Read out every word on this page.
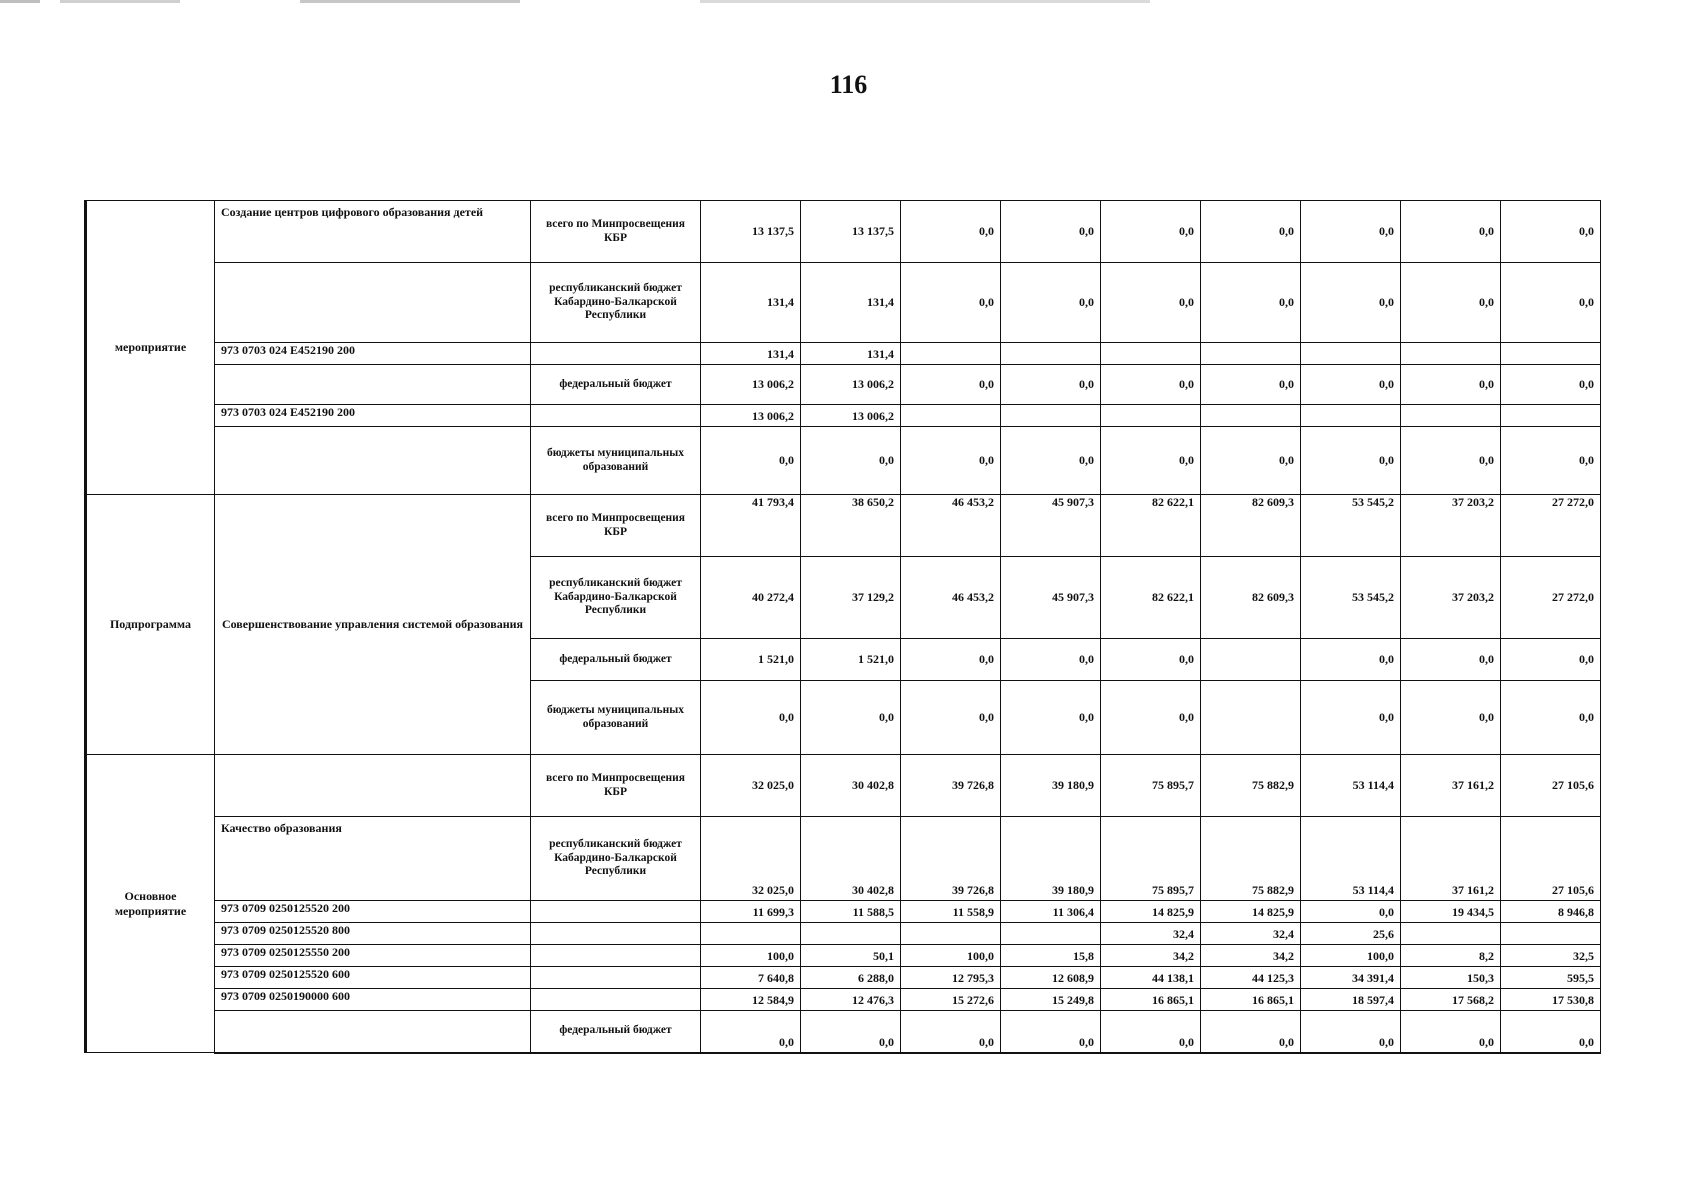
116
мероприятие	Создание центров цифрового образования детей	всего по Минпросвещения КБР	13 137,5	13 137,5	0,0	0,0	0,0	0,0	0,0	0,0	0,0
		республиканский бюджет Кабардино-Балкарской Республики	131,4	131,4	0,0	0,0	0,0	0,0	0,0	0,0	0,0
	973 0703 024 Е452190 200		131,4	131,4							
		федеральный бюджет	13 006,2	13 006,2	0,0	0,0	0,0	0,0	0,0	0,0	0,0
	973 0703 024 Е452190 200		13 006,2	13 006,2							
		бюджеты муниципальных образований	0,0	0,0	0,0	0,0	0,0	0,0	0,0	0,0	0,0
Подпрограмма	Совершенствование управления системой образования	всего по Минпросвещения КБР	41 793,4	38 650,2	46 453,2	45 907,3	82 622,1	82 609,3	53 545,2	37 203,2	27 272,0
		республиканский бюджет Кабардино-Балкарской Республики	40 272,4	37 129,2	46 453,2	45 907,3	82 622,1	82 609,3	53 545,2	37 203,2	27 272,0
		федеральный бюджет	1 521,0	1 521,0	0,0	0,0	0,0		0,0	0,0	0,0
		бюджеты муниципальных образований	0,0	0,0	0,0	0,0	0,0		0,0	0,0	0,0
Основное мероприятие		всего по Минпросвещения КБР	32 025,0	30 402,8	39 726,8	39 180,9	75 895,7	75 882,9	53 114,4	37 161,2	27 105,6
	Качество образования	республиканский бюджет Кабардино-Балкарской Республики	32 025,0	30 402,8	39 726,8	39 180,9	75 895,7	75 882,9	53 114,4	37 161,2	27 105,6
	973 0709 0250125520 200		11 699,3	11 588,5	11 558,9	11 306,4	14 825,9	14 825,9	0,0	19 434,5	8 946,8
	973 0709 0250125520 800						32,4	32,4	25,6		
	973 0709 0250125550 200		100,0	50,1	100,0	15,8	34,2	34,2	100,0	8,2	32,5
	973 0709 0250125520 600		7 640,8	6 288,0	12 795,3	12 608,9	44 138,1	44 125,3	34 391,4	150,3	595,5
	973 0709 0250190000 600		12 584,9	12 476,3	15 272,6	15 249,8	16 865,1	16 865,1	18 597,4	17 568,2	17 530,8
		федеральный бюджет	0,0	0,0	0,0	0,0	0,0	0,0	0,0	0,0	0,0
